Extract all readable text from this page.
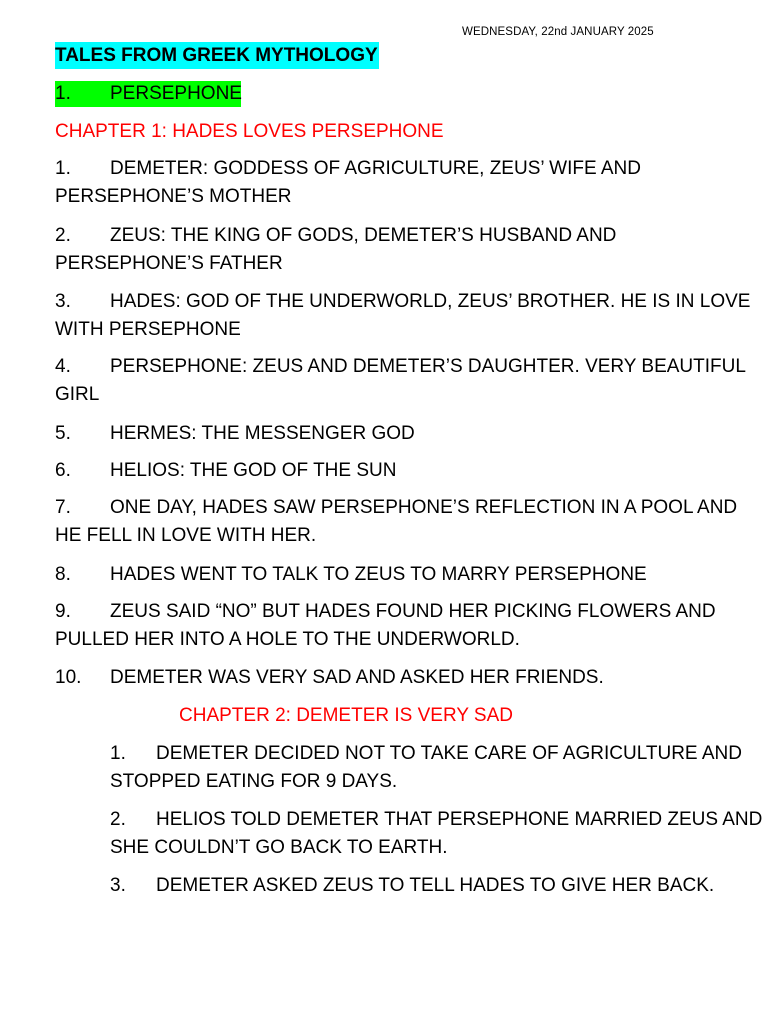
WEDNESDAY, 22nd JANUARY 2025
TALES FROM GREEK MYTHOLOGY
1. PERSEPHONE
CHAPTER 1: HADES LOVES PERSEPHONE
1. DEMETER: GODDESS OF AGRICULTURE, ZEUS’ WIFE AND
PERSEPHONE’S MOTHER
2. ZEUS: THE KING OF GODS, DEMETER’S HUSBAND AND
PERSEPHONE’S FATHER
3. HADES: GOD OF THE UNDERWORLD, ZEUS’ BROTHER. HE IS IN LOVE
WITH PERSEPHONE
4. PERSEPHONE: ZEUS AND DEMETER’S DAUGHTER. VERY BEAUTIFUL
GIRL
5. HERMES: THE MESSENGER GOD
6. HELIOS: THE GOD OF THE SUN
7. ONE DAY, HADES SAW PERSEPHONE’S REFLECTION IN A POOL AND
HE FELL IN LOVE WITH HER.
8. HADES WENT TO TALK TO ZEUS TO MARRY PERSEPHONE
9. ZEUS SAID “NO” BUT HADES FOUND HER PICKING FLOWERS AND
PULLED HER INTO A HOLE TO THE UNDERWORLD.
10. DEMETER WAS VERY SAD AND ASKED HER FRIENDS.
CHAPTER 2: DEMETER IS VERY SAD
1. DEMETER DECIDED NOT TO TAKE CARE OF AGRICULTURE AND
STOPPED EATING FOR 9 DAYS.
2. HELIOS TOLD DEMETER THAT PERSEPHONE MARRIED ZEUS AND
SHE COULDN’T GO BACK TO EARTH.
3. DEMETER ASKED ZEUS TO TELL HADES TO GIVE HER BACK.
